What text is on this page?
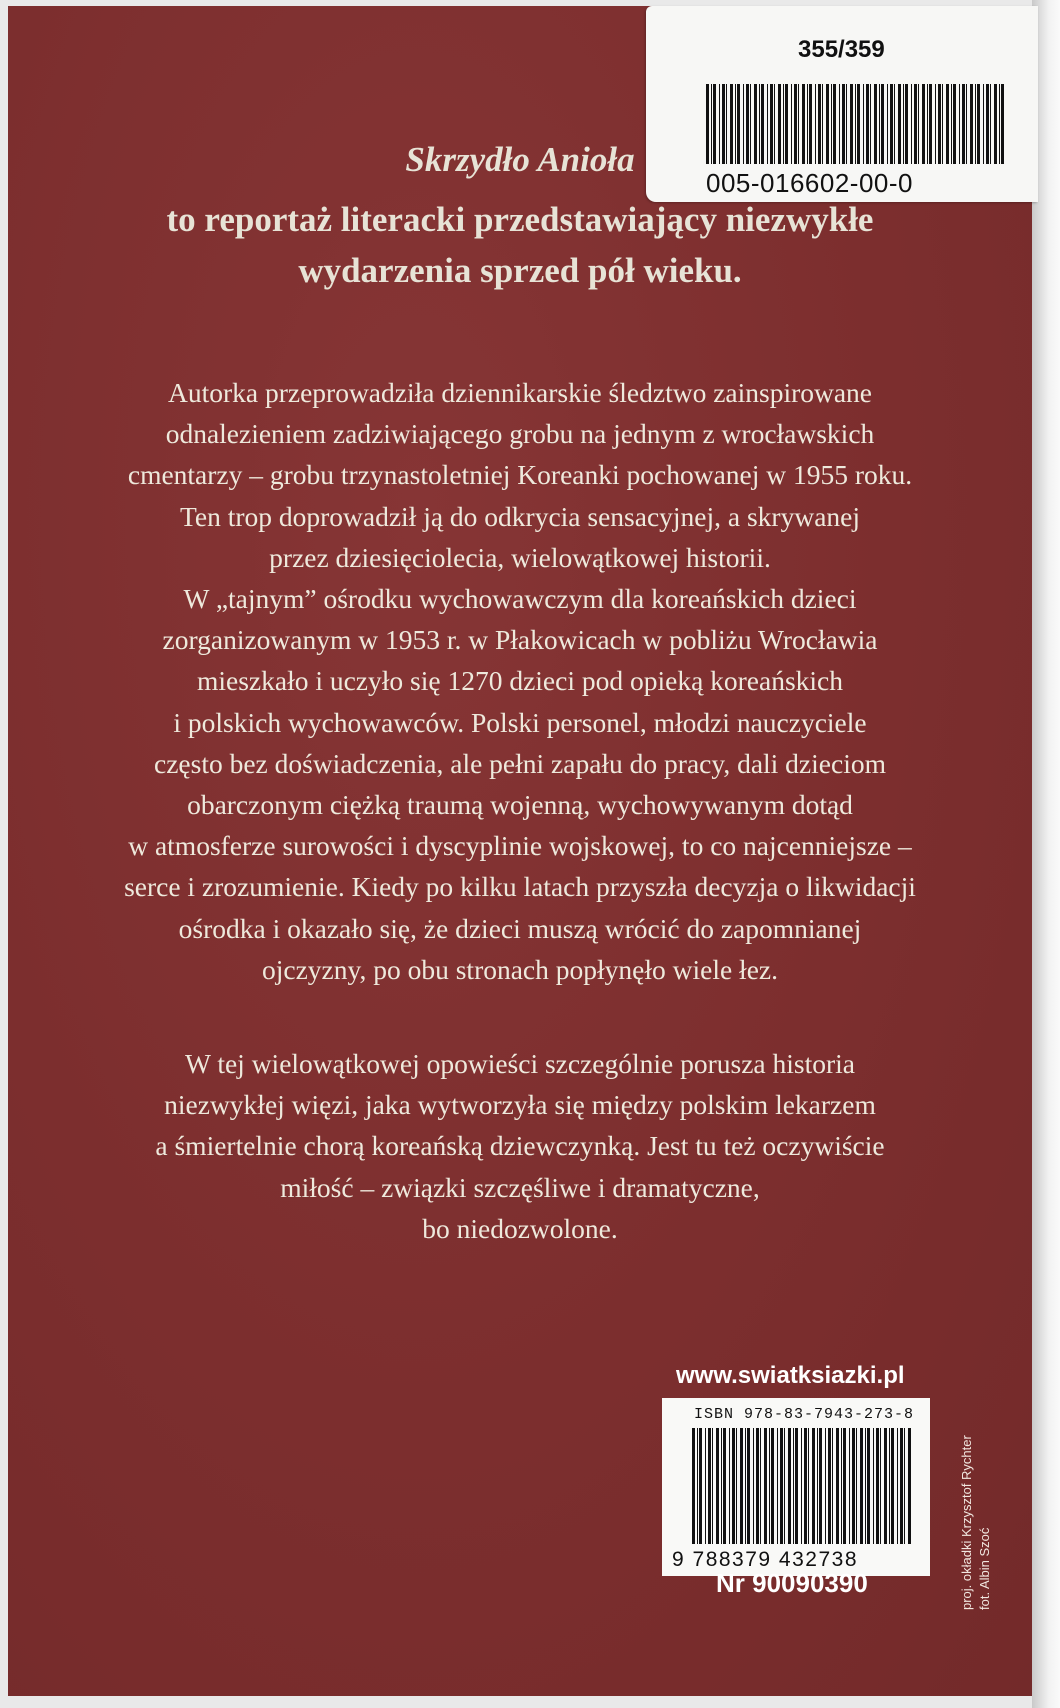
355/359
005-016602-00-0

Skrzydło Anioła

to reportaż literacki przedstawiający niezwykłe

wydarzenia sprzed pół wieku.

Autorka przeprowadziła dziennikarskie śledztwo zainspirowane
odnalezieniem zadziwiającego grobu na jednym z wrocławskich
cmentarzy – grobu trzynastoletniej Koreanki pochowanej w 1955 roku.
Ten trop doprowadził ją do odkrycia sensacyjnej, a skrywanej
przez dziesięciolecia, wielowątkowej historii.
W „tajnym” ośrodku wychowawczym dla koreańskich dzieci
zorganizowanym w 1953 r. w Płakowicach w pobliżu Wrocławia
mieszkało i uczyło się 1270 dzieci pod opieką koreańskich
i polskich wychowawców. Polski personel, młodzi nauczyciele
często bez doświadczenia, ale pełni zapału do pracy, dali dzieciom
obarczonym ciężką traumą wojenną, wychowywanym dotąd
w atmosferze surowości i dyscyplinie wojskowej, to co najcenniejsze –
serce i zrozumienie. Kiedy po kilku latach przyszła decyzja o likwidacji
ośrodka i okazało się, że dzieci muszą wrócić do zapomnianej
ojczyzny, po obu stronach popłynęło wiele łez.
W tej wielowątkowej opowieści szczególnie porusza historia
niezwykłej więzi, jaka wytworzyła się między polskim lekarzem
a śmiertelnie chorą koreańską dziewczynką. Jest tu też oczywiście
miłość – związki szczęśliwe i dramatyczne,
bo niedozwolone.
www.swiatksiazki.pl
ISBN 978-83-7943-273-8
9 788379 432738
Nr 90090390	proj. okładki Krzysztof Rychter fot. Albin Szoć
